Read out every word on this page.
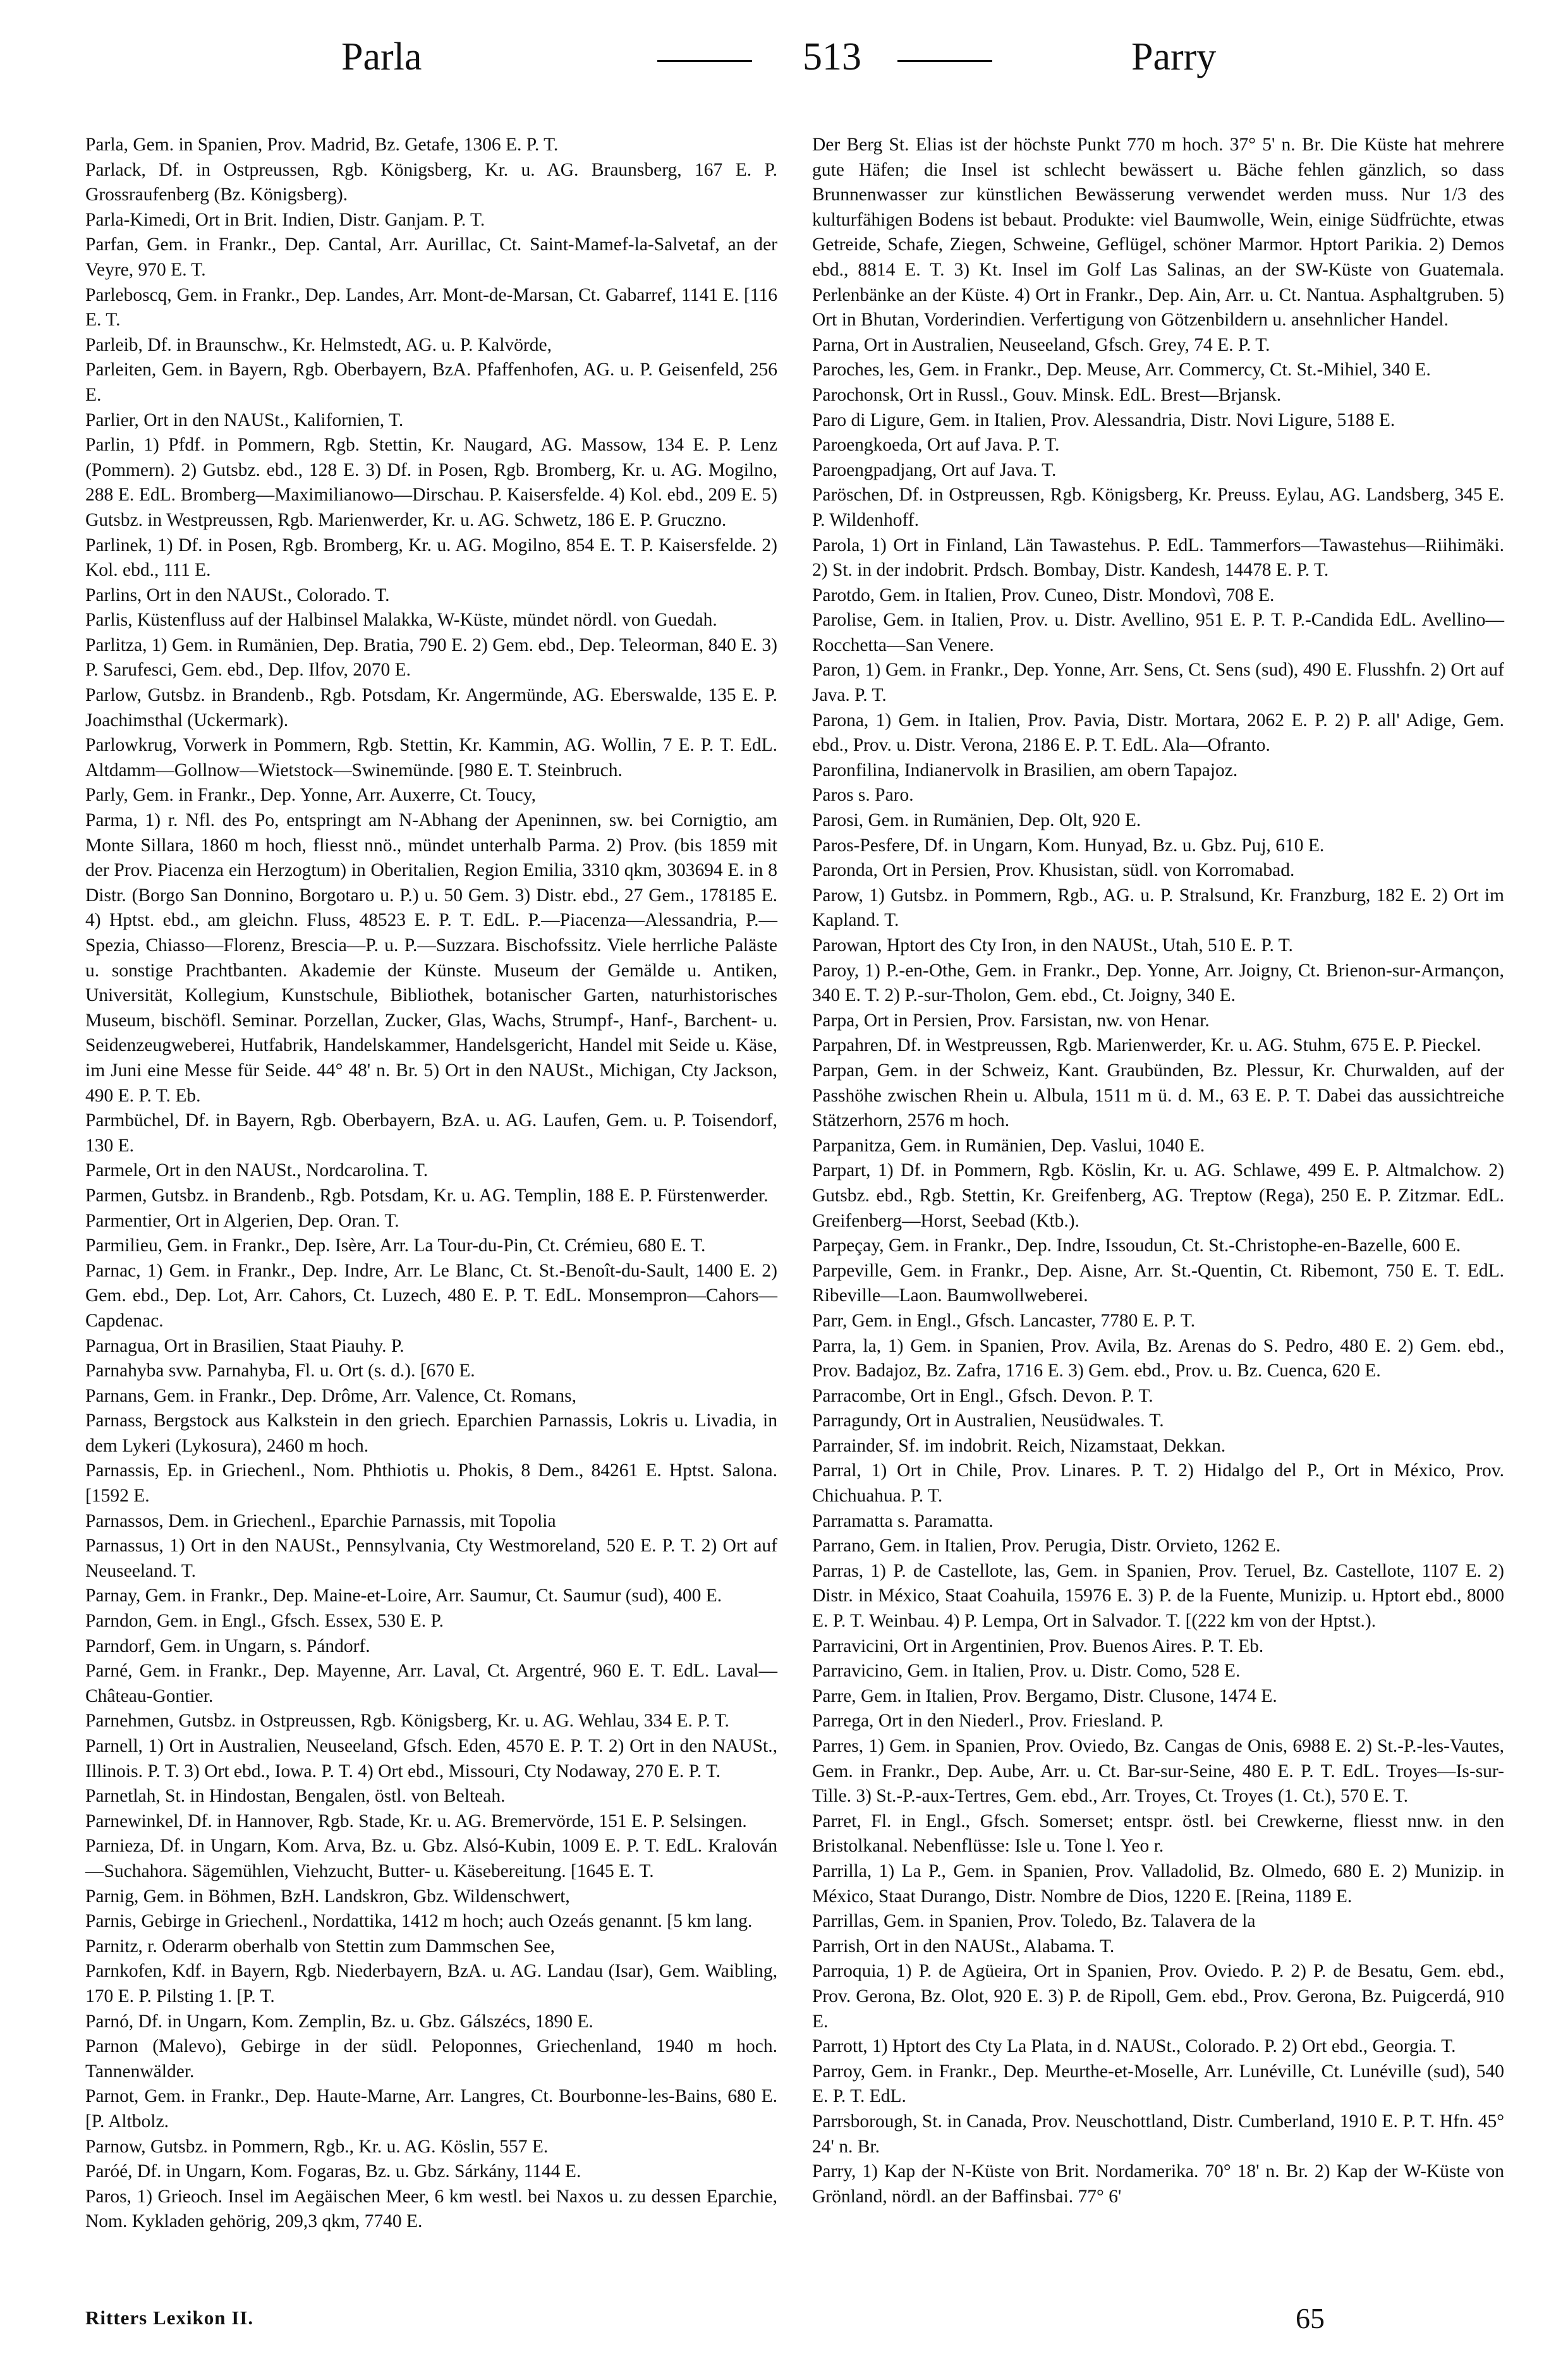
Parla	513	Parry

Parla, Gem. in Spanien, Prov. Madrid, Bz. Getafe, 1306 E. P. T.

Parlack, Df. in Ostpreussen, Rgb. Königsberg, Kr. u. AG. Braunsberg, 167 E. P. Grossraufenberg (Bz. Königsberg).

Parla-Kimedi, Ort in Brit. Indien, Distr. Ganjam. P. T.

Parfan, Gem. in Frankr., Dep. Cantal, Arr. Aurillac, Ct. Saint-Mamef-la-Salvetaf, an der Veyre, 970 E. T.

Parleboscq, Gem. in Frankr., Dep. Landes, Arr. Mont-de-Marsan, Ct. Gabarref, 1141 E. [116 E. T.

Parleib, Df. in Braunschw., Kr. Helmstedt, AG. u. P. Kalvörde,

Parleiten, Gem. in Bayern, Rgb. Oberbayern, BzA. Pfaffenhofen, AG. u. P. Geisenfeld, 256 E.

Parlier, Ort in den NAUSt., Kalifornien, T.

Parlin, 1) Pfdf. in Pommern, Rgb. Stettin, Kr. Naugard, AG. Massow, 134 E. P. Lenz (Pommern). 2) Gutsbz. ebd., 128 E. 3) Df. in Posen, Rgb. Bromberg, Kr. u. AG. Mogilno, 288 E. EdL. Bromberg—Maximilianowo—Dirschau. P. Kaisersfelde. 4) Kol. ebd., 209 E. 5) Gutsbz. in Westpreussen, Rgb. Marienwerder, Kr. u. AG. Schwetz, 186 E. P. Gruczno.

Parlinek, 1) Df. in Posen, Rgb. Bromberg, Kr. u. AG. Mogilno, 854 E. T. P. Kaisersfelde. 2) Kol. ebd., 111 E.

Parlins, Ort in den NAUSt., Colorado. T.

Parlis, Küstenfluss auf der Halbinsel Malakka, W-Küste, mündet nördl. von Guedah.

Parlitza, 1) Gem. in Rumänien, Dep. Bratia, 790 E. 2) Gem. ebd., Dep. Teleorman, 840 E. 3) P. Sarufesci, Gem. ebd., Dep. Ilfov, 2070 E.

Parlow, Gutsbz. in Brandenb., Rgb. Potsdam, Kr. Angermünde, AG. Eberswalde, 135 E. P. Joachimsthal (Uckermark).

Parlowkrug, Vorwerk in Pommern, Rgb. Stettin, Kr. Kammin, AG. Wollin, 7 E. P. T. EdL. Altdamm—Gollnow—Wietstock—Swinemünde. [980 E. T. Steinbruch.

Parly, Gem. in Frankr., Dep. Yonne, Arr. Auxerre, Ct. Toucy,

Parma, 1) r. Nfl. des Po, entspringt am N-Abhang der Apeninnen, sw. bei Cornigtio, am Monte Sillara, 1860 m hoch, fliesst nnö., mündet unterhalb Parma. 2) Prov. (bis 1859 mit der Prov. Piacenza ein Herzogtum) in Oberitalien, Region Emilia, 3310 qkm, 303694 E. in 8 Distr. (Borgo San Donnino, Borgotaro u. P.) u. 50 Gem. 3) Distr. ebd., 27 Gem., 178185 E. 4) Hptst. ebd., am gleichn. Fluss, 48523 E. P. T. EdL. P.—Piacenza—Alessandria, P.—Spezia, Chiasso—Florenz, Brescia—P. u. P.—Suzzara. Bischofssitz. Viele herrliche Paläste u. sonstige Prachtbanten. Akademie der Künste. Museum der Gemälde u. Antiken, Universität, Kollegium, Kunstschule, Bibliothek, botanischer Garten, naturhistorisches Museum, bischöfl. Seminar. Porzellan, Zucker, Glas, Wachs, Strumpf-, Hanf-, Barchent- u. Seidenzeugweberei, Hutfabrik, Handelskammer, Handelsgericht, Handel mit Seide u. Käse, im Juni eine Messe für Seide. 44° 48' n. Br. 5) Ort in den NAUSt., Michigan, Cty Jackson, 490 E. P. T. Eb.

Parmbüchel, Df. in Bayern, Rgb. Oberbayern, BzA. u. AG. Laufen, Gem. u. P. Toisendorf, 130 E.

Parmele, Ort in den NAUSt., Nordcarolina. T.

Parmen, Gutsbz. in Brandenb., Rgb. Potsdam, Kr. u. AG. Templin, 188 E. P. Fürstenwerder.

Parmentier, Ort in Algerien, Dep. Oran. T.

Parmilieu, Gem. in Frankr., Dep. Isère, Arr. La Tour-du-Pin, Ct. Crémieu, 680 E. T.

Parnac, 1) Gem. in Frankr., Dep. Indre, Arr. Le Blanc, Ct. St.-Benoît-du-Sault, 1400 E. 2) Gem. ebd., Dep. Lot, Arr. Cahors, Ct. Luzech, 480 E. P. T. EdL. Monsempron—Cahors—Capdenac.

Parnagua, Ort in Brasilien, Staat Piauhy. P.

Parnahyba svw. Parnahyba, Fl. u. Ort (s. d.). [670 E.

Parnans, Gem. in Frankr., Dep. Drôme, Arr. Valence, Ct. Romans,

Parnass, Bergstock aus Kalkstein in den griech. Eparchien Parnassis, Lokris u. Livadia, in dem Lykeri (Lykosura), 2460 m hoch.

Parnassis, Ep. in Griechenl., Nom. Phthiotis u. Phokis, 8 Dem., 84261 E. Hptst. Salona. [1592 E.

Parnassos, Dem. in Griechenl., Eparchie Parnassis, mit Topolia

Parnassus, 1) Ort in den NAUSt., Pennsylvania, Cty Westmoreland, 520 E. P. T. 2) Ort auf Neuseeland. T.

Parnay, Gem. in Frankr., Dep. Maine-et-Loire, Arr. Saumur, Ct. Saumur (sud), 400 E.

Parndon, Gem. in Engl., Gfsch. Essex, 530 E. P.

Parndorf, Gem. in Ungarn, s. Pándorf.

Parné, Gem. in Frankr., Dep. Mayenne, Arr. Laval, Ct. Argentré, 960 E. T. EdL. Laval—Château-Gontier.

Parnehmen, Gutsbz. in Ostpreussen, Rgb. Königsberg, Kr. u. AG. Wehlau, 334 E. P. T.

Parnell, 1) Ort in Australien, Neuseeland, Gfsch. Eden, 4570 E. P. T. 2) Ort in den NAUSt., Illinois. P. T. 3) Ort ebd., Iowa. P. T. 4) Ort ebd., Missouri, Cty Nodaway, 270 E. P. T.

Parnetlah, St. in Hindostan, Bengalen, östl. von Belteah.

Parnewinkel, Df. in Hannover, Rgb. Stade, Kr. u. AG. Bremervörde, 151 E. P. Selsingen.

Parnieza, Df. in Ungarn, Kom. Arva, Bz. u. Gbz. Alsó-Kubin, 1009 E. P. T. EdL. Kralován—Suchahora. Sägemühlen, Viehzucht, Butter- u. Käsebereitung. [1645 E. T.

Parnig, Gem. in Böhmen, BzH. Landskron, Gbz. Wildenschwert,

Parnis, Gebirge in Griechenl., Nordattika, 1412 m hoch; auch Ozeás genannt. [5 km lang.

Parnitz, r. Oderarm oberhalb von Stettin zum Dammschen See,

Parnkofen, Kdf. in Bayern, Rgb. Niederbayern, BzA. u. AG. Landau (Isar), Gem. Waibling, 170 E. P. Pilsting 1. [P. T.

Parnó, Df. in Ungarn, Kom. Zemplin, Bz. u. Gbz. Gálszécs, 1890 E.

Parnon (Malevo), Gebirge in der südl. Peloponnes, Griechenland, 1940 m hoch. Tannenwälder.

Parnot, Gem. in Frankr., Dep. Haute-Marne, Arr. Langres, Ct. Bourbonne-les-Bains, 680 E. [P. Altbolz.

Parnow, Gutsbz. in Pommern, Rgb., Kr. u. AG. Köslin, 557 E.

Paróé, Df. in Ungarn, Kom. Fogaras, Bz. u. Gbz. Sárkány, 1144 E.

Paros, 1) Grieoch. Insel im Aegäischen Meer, 6 km westl. bei Naxos u. zu dessen Eparchie, Nom. Kykladen gehörig, 209,3 qkm, 7740 E.

Der Berg St. Elias ist der höchste Punkt 770 m hoch. 37° 5' n. Br. Die Küste hat mehrere gute Häfen; die Insel ist schlecht bewässert u. Bäche fehlen gänzlich, so dass Brunnenwasser zur künstlichen Bewässerung verwendet werden muss. Nur 1/3 des kulturfähigen Bodens ist bebaut. Produkte: viel Baumwolle, Wein, einige Südfrüchte, etwas Getreide, Schafe, Ziegen, Schweine, Geflügel, schöner Marmor. Hptort Parikia. 2) Demos ebd., 8814 E. T. 3) Kt. Insel im Golf Las Salinas, an der SW-Küste von Guatemala. Perlenbänke an der Küste. 4) Ort in Frankr., Dep. Ain, Arr. u. Ct. Nantua. Asphaltgruben. 5) Ort in Bhutan, Vorderindien. Verfertigung von Götzenbildern u. ansehnlicher Handel.

Parna, Ort in Australien, Neuseeland, Gfsch. Grey, 74 E. P. T.

Paroches, les, Gem. in Frankr., Dep. Meuse, Arr. Commercy, Ct. St.-Mihiel, 340 E.

Parochonsk, Ort in Russl., Gouv. Minsk. EdL. Brest—Brjansk.

Paro di Ligure, Gem. in Italien, Prov. Alessandria, Distr. Novi Ligure, 5188 E.

Paroengkoeda, Ort auf Java. P. T.

Paroengpadjang, Ort auf Java. T.

Paröschen, Df. in Ostpreussen, Rgb. Königsberg, Kr. Preuss. Eylau, AG. Landsberg, 345 E. P. Wildenhoff.

Parola, 1) Ort in Finland, Län Tawastehus. P. EdL. Tammerfors—Tawastehus—Riihimäki. 2) St. in der indobrit. Prdsch. Bombay, Distr. Kandesh, 14478 E. P. T.

Parotdo, Gem. in Italien, Prov. Cuneo, Distr. Mondovì, 708 E.

Parolise, Gem. in Italien, Prov. u. Distr. Avellino, 951 E. P. T. P.-Candida EdL. Avellino—Rocchetta—San Venere.

Paron, 1) Gem. in Frankr., Dep. Yonne, Arr. Sens, Ct. Sens (sud), 490 E. Flusshfn. 2) Ort auf Java. P. T.

Parona, 1) Gem. in Italien, Prov. Pavia, Distr. Mortara, 2062 E. P. 2) P. all' Adige, Gem. ebd., Prov. u. Distr. Verona, 2186 E. P. T. EdL. Ala—Ofranto.

Paronfilina, Indianervolk in Brasilien, am obern Tapajoz.

Paros s. Paro.

Parosi, Gem. in Rumänien, Dep. Olt, 920 E.

Paros-Pesfere, Df. in Ungarn, Kom. Hunyad, Bz. u. Gbz. Puj, 610 E.

Paronda, Ort in Persien, Prov. Khusistan, südl. von Korromabad.

Parow, 1) Gutsbz. in Pommern, Rgb., AG. u. P. Stralsund, Kr. Franzburg, 182 E. 2) Ort im Kapland. T.

Parowan, Hptort des Cty Iron, in den NAUSt., Utah, 510 E. P. T.

Paroy, 1) P.-en-Othe, Gem. in Frankr., Dep. Yonne, Arr. Joigny, Ct. Brienon-sur-Armançon, 340 E. T. 2) P.-sur-Tholon, Gem. ebd., Ct. Joigny, 340 E.

Parpa, Ort in Persien, Prov. Farsistan, nw. von Henar.

Parpahren, Df. in Westpreussen, Rgb. Marienwerder, Kr. u. AG. Stuhm, 675 E. P. Pieckel.

Parpan, Gem. in der Schweiz, Kant. Graubünden, Bz. Plessur, Kr. Churwalden, auf der Passhöhe zwischen Rhein u. Albula, 1511 m ü. d. M., 63 E. P. T. Dabei das aussichtreiche Stätzerhorn, 2576 m hoch.

Parpanitza, Gem. in Rumänien, Dep. Vaslui, 1040 E.

Parpart, 1) Df. in Pommern, Rgb. Köslin, Kr. u. AG. Schlawe, 499 E. P. Altmalchow. 2) Gutsbz. ebd., Rgb. Stettin, Kr. Greifenberg, AG. Treptow (Rega), 250 E. P. Zitzmar. EdL. Greifenberg—Horst, Seebad (Ktb.).

Parpeçay, Gem. in Frankr., Dep. Indre, Issoudun, Ct. St.-Christophe-en-Bazelle, 600 E.

Parpeville, Gem. in Frankr., Dep. Aisne, Arr. St.-Quentin, Ct. Ribemont, 750 E. T. EdL. Ribeville—Laon. Baumwollweberei.

Parr, Gem. in Engl., Gfsch. Lancaster, 7780 E. P. T.

Parra, la, 1) Gem. in Spanien, Prov. Avila, Bz. Arenas do S. Pedro, 480 E. 2) Gem. ebd., Prov. Badajoz, Bz. Zafra, 1716 E. 3) Gem. ebd., Prov. u. Bz. Cuenca, 620 E.

Parracombe, Ort in Engl., Gfsch. Devon. P. T.

Parragundy, Ort in Australien, Neusüdwales. T.

Parrainder, Sf. im indobrit. Reich, Nizamstaat, Dekkan.

Parral, 1) Ort in Chile, Prov. Linares. P. T. 2) Hidalgo del P., Ort in México, Prov. Chichuahua. P. T.

Parramatta s. Paramatta.

Parrano, Gem. in Italien, Prov. Perugia, Distr. Orvieto, 1262 E.

Parras, 1) P. de Castellote, las, Gem. in Spanien, Prov. Teruel, Bz. Castellote, 1107 E. 2) Distr. in México, Staat Coahuila, 15976 E. 3) P. de la Fuente, Munizip. u. Hptort ebd., 8000 E. P. T. Weinbau. 4) P. Lempa, Ort in Salvador. T. [(222 km von der Hptst.).

Parravicini, Ort in Argentinien, Prov. Buenos Aires. P. T. Eb.

Parravicino, Gem. in Italien, Prov. u. Distr. Como, 528 E.

Parre, Gem. in Italien, Prov. Bergamo, Distr. Clusone, 1474 E.

Parrega, Ort in den Niederl., Prov. Friesland. P.

Parres, 1) Gem. in Spanien, Prov. Oviedo, Bz. Cangas de Onis, 6988 E. 2) St.-P.-les-Vautes, Gem. in Frankr., Dep. Aube, Arr. u. Ct. Bar-sur-Seine, 480 E. P. T. EdL. Troyes—Is-sur-Tille. 3) St.-P.-aux-Tertres, Gem. ebd., Arr. Troyes, Ct. Troyes (1. Ct.), 570 E. T.

Parret, Fl. in Engl., Gfsch. Somerset; entspr. östl. bei Crewkerne, fliesst nnw. in den Bristolkanal. Nebenflüsse: Isle u. Tone l. Yeo r.

Parrilla, 1) La P., Gem. in Spanien, Prov. Valladolid, Bz. Olmedo, 680 E. 2) Munizip. in México, Staat Durango, Distr. Nombre de Dios, 1220 E. [Reina, 1189 E.

Parrillas, Gem. in Spanien, Prov. Toledo, Bz. Talavera de la

Parrish, Ort in den NAUSt., Alabama. T.

Parroquia, 1) P. de Agüeira, Ort in Spanien, Prov. Oviedo. P. 2) P. de Besatu, Gem. ebd., Prov. Gerona, Bz. Olot, 920 E. 3) P. de Ripoll, Gem. ebd., Prov. Gerona, Bz. Puigcerdá, 910 E.

Parrott, 1) Hptort des Cty La Plata, in d. NAUSt., Colorado. P. 2) Ort ebd., Georgia. T.

Parroy, Gem. in Frankr., Dep. Meurthe-et-Moselle, Arr. Lunéville, Ct. Lunéville (sud), 540 E. P. T. EdL.

Parrsborough, St. in Canada, Prov. Neuschottland, Distr. Cumberland, 1910 E. P. T. Hfn. 45° 24' n. Br.

Parry, 1) Kap der N-Küste von Brit. Nordamerika. 70° 18' n. Br. 2) Kap der W-Küste von Grönland, nördl. an der Baffinsbai. 77° 6'

Ritters Lexikon II.	65
